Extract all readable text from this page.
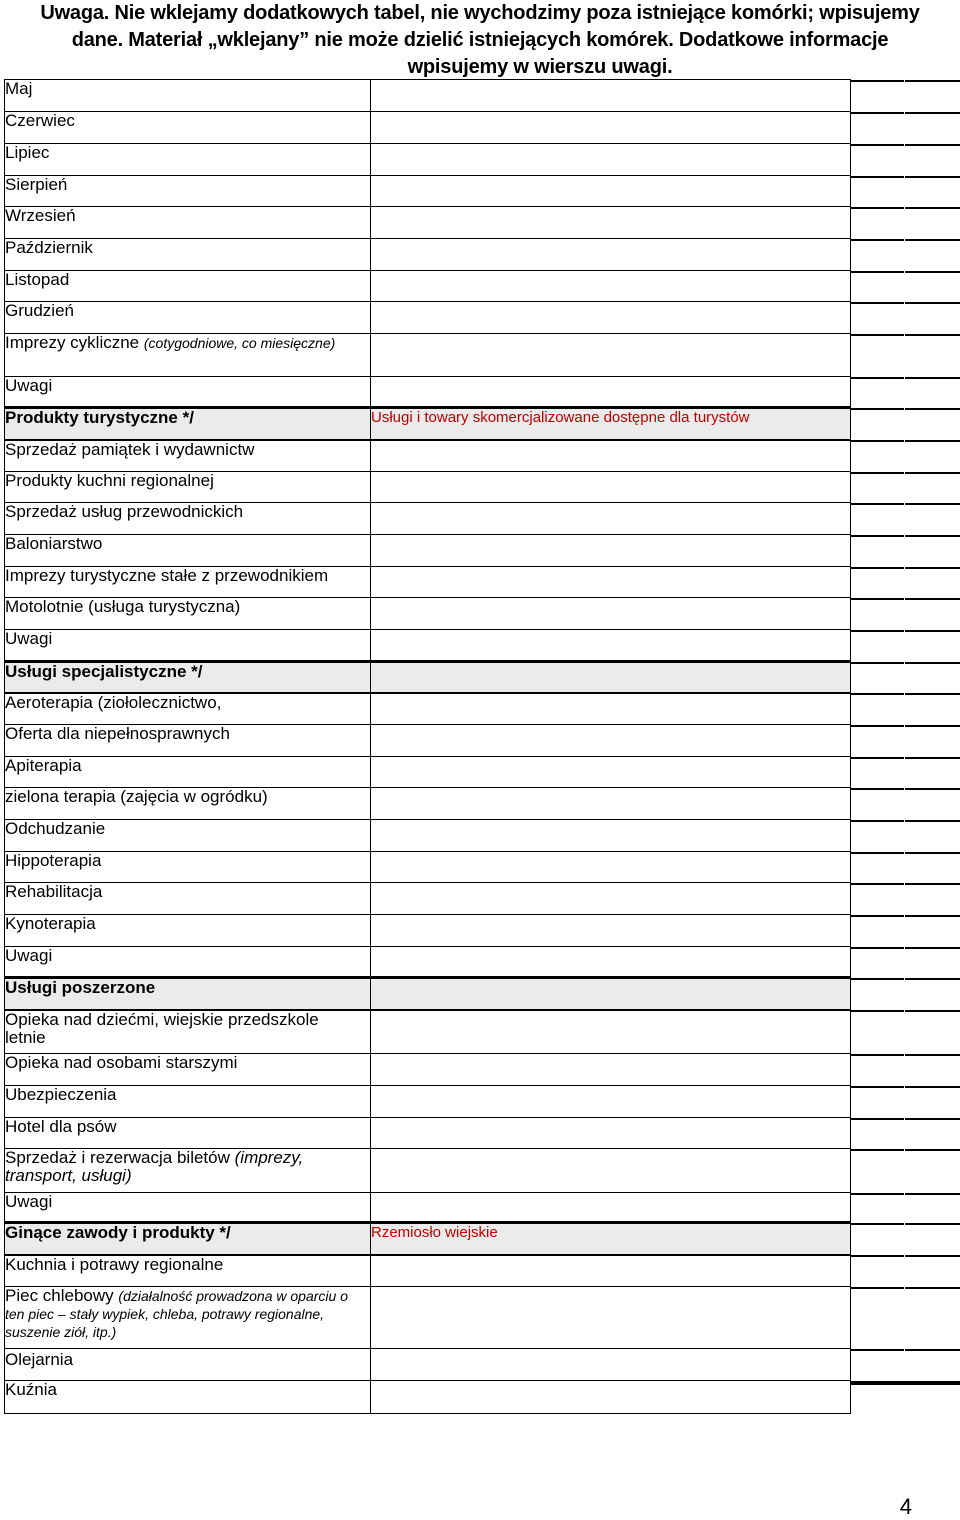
Uwaga. Nie wklejamy dodatkowych tabel, nie wychodzimy poza istniejące komórki; wpisujemy
dane. Materiał „wklejany” nie może dzielić istniejących komórek. Dodatkowe informacje
wpisujemy w wierszu uwagi.
Maj		

Czerwiec		

Lipiec		

Sierpień		

Wrzesień		

Październik		

Listopad		

Grudzień		

Imprezy cykliczne (cotygodniowe, co miesięczne)		

Uwagi		

Produkty turystyczne */	Usługi i towary skomercjalizowane dostępne dla turystów	

Sprzedaż pamiątek i wydawnictw		

Produkty kuchni regionalnej		

Sprzedaż usług przewodnickich		

Baloniarstwo		

Imprezy turystyczne stałe z przewodnikiem		

Motolotnie (usługa turystyczna)		

Uwagi		

Usługi specjalistyczne */		

Aeroterapia (ziołolecznictwo,		

Oferta dla niepełnosprawnych		

Apiterapia		

zielona terapia (zajęcia w ogródku)		

Odchudzanie		

Hippoterapia		

Rehabilitacja		

Kynoterapia		

Uwagi		

Usługi poszerzone		

Opieka nad dziećmi, wiejskie przedszkole letnie		

Opieka nad osobami starszymi		

Ubezpieczenia		

Hotel dla psów		

Sprzedaż i rezerwacja biletów (imprezy, transport, usługi)		

Uwagi		

Ginące zawody i produkty */	Rzemiosło wiejskie	

Kuchnia i potrawy regionalne		

Piec chlebowy (działalność prowadzona w oparciu o ten piec – stały wypiek, chleba, potrawy regionalne, suszenie ziół, itp.)		

Olejarnia		

Kuźnia		

4
